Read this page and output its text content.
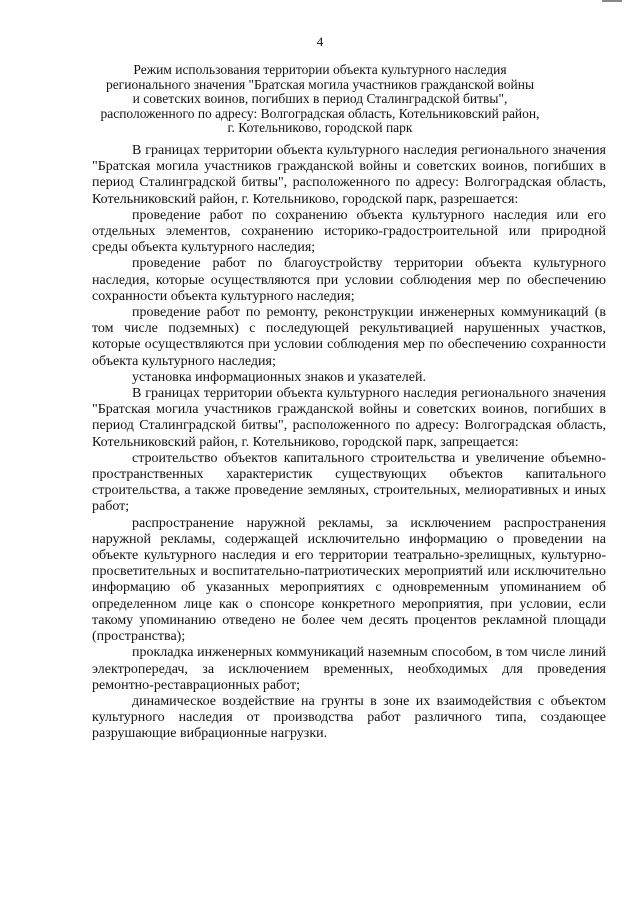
4
Режим использования территории объекта культурного наследия
регионального значения "Братская могила участников гражданской войны
и советских воинов, погибших в период Сталинградской битвы",
расположенного по адресу: Волгоградская область, Котельниковский район,
г. Котельниково, городской парк

В границах территории объекта культурного наследия регионального значения "Братская могила участников гражданской войны и советских воинов, погибших в период Сталинградской битвы", расположенного по адресу: Волгоградская область, Котельниковский район, г. Котельниково, городской парк, разрешается:

проведение работ по сохранению объекта культурного наследия или его отдельных элементов, сохранению историко-градостроительной или природной среды объекта культурного наследия;

проведение работ по благоустройству территории объекта культурного наследия, которые осуществляются при условии соблюдения мер по обеспечению сохранности объекта культурного наследия;

проведение работ по ремонту, реконструкции инженерных коммуникаций (в том числе подземных) с последующей рекультивацией нарушенных участков, которые осуществляются при условии соблюдения мер по обеспечению сохранности объекта культурного наследия;

установка информационных знаков и указателей.

В границах территории объекта культурного наследия регионального значения "Братская могила участников гражданской войны и советских воинов, погибших в период Сталинградской битвы", расположенного по адресу: Волгоградская область, Котельниковский район, г. Котельниково, городской парк, запрещается:

строительство объектов капитального строительства и увеличение объемно-пространственных характеристик существующих объектов капитального строительства, а также проведение земляных, строительных, мелиоративных и иных работ;

распространение наружной рекламы, за исключением распространения наружной рекламы, содержащей исключительно информацию о проведении на объекте культурного наследия и его территории театрально-зрелищных, культурно-просветительных и воспитательно-патриотических мероприятий или исключительно информацию об указанных мероприятиях с одновременным упоминанием об определенном лице как о спонсоре конкретного мероприятия, при условии, если такому упоминанию отведено не более чем десять процентов рекламной площади (пространства);

прокладка инженерных коммуникаций наземным способом, в том числе линий электропередач, за исключением временных, необходимых для проведения ремонтно-реставрационных работ;

динамическое воздействие на грунты в зоне их взаимодействия с объектом культурного наследия от производства работ различного типа, создающее разрушающие вибрационные нагрузки.
